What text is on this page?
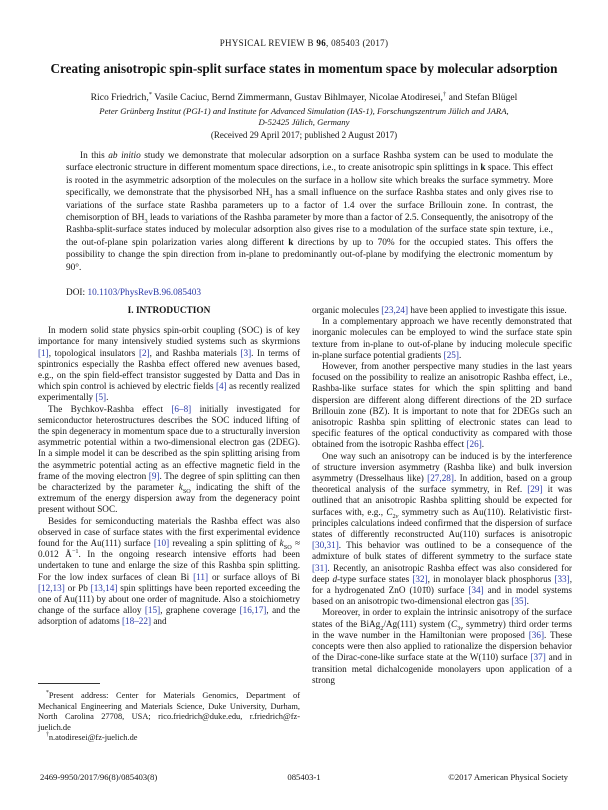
PHYSICAL REVIEW B 96, 085403 (2017)
Creating anisotropic spin-split surface states in momentum space by molecular adsorption
Rico Friedrich,* Vasile Caciuc, Bernd Zimmermann, Gustav Bihlmayer, Nicolae Atodiresei,† and Stefan Blügel
Peter Grünberg Institut (PGI-1) and Institute for Advanced Simulation (IAS-1), Forschungszentrum Jülich and JARA,
D-52425 Jülich, Germany
(Received 29 April 2017; published 2 August 2017)

In this ab initio study we demonstrate that molecular adsorption on a surface Rashba system can be used to modulate the surface electronic structure in different momentum space directions, i.e., to create anisotropic spin splittings in k space. This effect is rooted in the asymmetric adsorption of the molecules on the surface in a hollow site which breaks the surface symmetry. More specifically, we demonstrate that the physisorbed $NH_3$ has a small influence on the surface Rashba states and only gives rise to variations of the surface state Rashba parameters up to a factor of 1.4 over the surface Brillouin zone. In contrast, the chemisorption of $BH_3$ leads to variations of the Rashba parameter by more than a factor of 2.5. Consequently, the anisotropy of the Rashba-split-surface states induced by molecular adsorption also gives rise to a modulation of the surface state spin texture, i.e., the out-of-plane spin polarization varies along different k directions by up to 70% for the occupied states. This offers the possibility to change the spin direction from in-plane to predominantly out-of-plane by modifying the electronic momentum by 90°.

DOI: 10.1103/PhysRevB.96.085403
I. INTRODUCTION

In modern solid state physics spin-orbit coupling (SOC) is of key importance for many intensively studied systems such as skyrmions [1], topological insulators [2], and Rashba materials [3]. In terms of spintronics especially the Rashba effect offered new avenues based, e.g., on the spin field-effect transistor suggested by Datta and Das in which spin control is achieved by electric fields [4] as recently realized experimentally [5].

The Bychkov-Rashba effect [6–8] initially investigated for semiconductor heterostructures describes the SOC induced lifting of the spin degeneracy in momentum space due to a structurally inversion asymmetric potential within a two-dimensional electron gas (2DEG). In a simple model it can be described as the spin splitting arising from the asymmetric potential acting as an effective magnetic field in the frame of the moving electron [9]. The degree of spin splitting can then be characterized by the parameter $k_{SO}$ indicating the shift of the extremum of the energy dispersion away from the degeneracy point present without SOC.

Besides for semiconducting materials the Rashba effect was also observed in case of surface states with the first experimental evidence found for the Au(111) surface [10] revealing a spin splitting of $k_{SO} \approx 0.012$ $Å^{-1}$. In the ongoing research intensive efforts had been undertaken to tune and enlarge the size of this Rashba spin splitting. For the low index surfaces of clean Bi [11] or surface alloys of Bi [12,13] or Pb [13,14] spin splittings have been reported exceeding the one of Au(111) by about one order of magnitude. Also a stoichiometry change of the surface alloy [15], graphene coverage [16,17], and the adsorption of adatoms [18–22] and

organic molecules [23,24] have been applied to investigate this issue.

In a complementary approach we have recently demonstrated that inorganic molecules can be employed to wind the surface state spin texture from in-plane to out-of-plane by inducing molecule specific in-plane surface potential gradients [25].

However, from another perspective many studies in the last years focused on the possibility to realize an anisotropic Rashba effect, i.e., Rashba-like surface states for which the spin splitting and band dispersion are different along different directions of the 2D surface Brillouin zone (BZ). It is important to note that for 2DEGs such an anisotropic Rashba spin splitting of electronic states can lead to specific features of the optical conductivity as compared with those obtained from the isotropic Rashba effect [26].

One way such an anisotropy can be induced is by the interference of structure inversion asymmetry (Rashba like) and bulk inversion asymmetry (Dresselhaus like) [27,28]. In addition, based on a group theoretical analysis of the surface symmetry, in Ref. [29] it was outlined that an anisotropic Rashba splitting should be expected for surfaces with, e.g., $C_{2v}$ symmetry such as Au(110). Relativistic first-principles calculations indeed confirmed that the dispersion of surface states of differently reconstructed Au(110) surfaces is anisotropic [30,31]. This behavior was outlined to be a consequence of the admixture of bulk states of different symmetry to the surface state [31]. Recently, an anisotropic Rashba effect was also considered for deep d-type surface states [32], in monolayer black phosphorus [33], for a hydrogenated ZnO (101̄0) surface [34] and in model systems based on an anisotropic two-dimensional electron gas [35].

Moreover, in order to explain the intrinsic anisotropy of the surface states of the BiAg$_2$/Ag(111) system ($C_{3v}$ symmetry) third order terms in the wave number in the Hamiltonian were proposed [36]. These concepts were then also applied to rationalize the dispersion behavior of the Dirac-cone-like surface state at the W(110) surface [37] and in transition metal dichalcogenide monolayers upon application of a strong

*Present address: Center for Materials Genomics, Department of Mechanical Engineering and Materials Science, Duke University, Durham, North Carolina 27708, USA; rico.friedrich@duke.edu, r.friedrich@fz-juelich.de

†n.atodiresei@fz-juelich.de

2469-9950/2017/96(8)/085403(8)	085403-1	©2017 American Physical Society
